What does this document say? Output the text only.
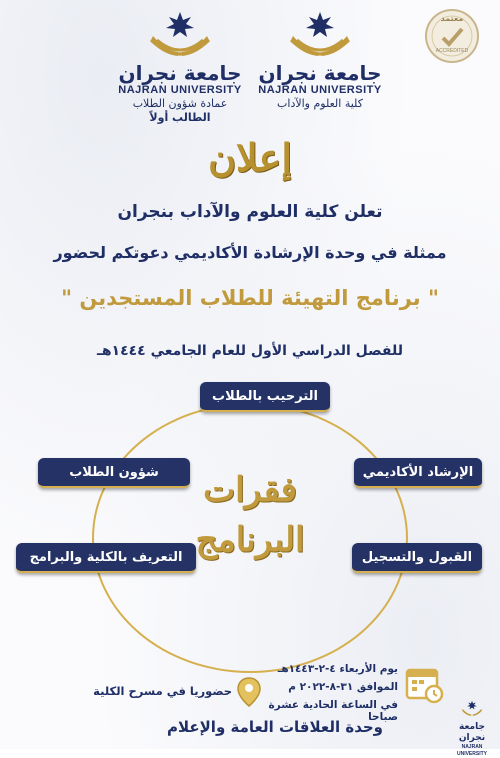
جامعة نجران
NAJRAN UNIVERSITY
كلية العلوم والآداب
جامعة نجران
NAJRAN UNIVERSITY
عمادة شؤون الطلاب
الطالب أولاً
معتمد
ACCREDITED
إعلان
تعلن كلية العلوم والآداب بنجران
ممثلة في وحدة الإرشادة الأكاديمي دعوتكم لحضور
" برنامج التهيئة للطلاب المستجدين "
للفصل الدراسي الأول للعام الجامعي ١٤٤٤هـ
فقرات
البرنامج
الترحيب بالطلاب
شؤون الطلاب	الإرشاد الأكاديمي
التعريف بالكلية والبرامج	القبول والتسجيل
يوم الأربعاء ٤-٢-١٤٤٣هـ
الموافق ٣١-٨-٢٠٢٢ م
في الساعة الحادية عشرة صباحا
حضوريا في مسرح الكلية
وحدة العلاقات العامة والإعلام	جامعة نجران
NAJRAN UNIVERSITY
